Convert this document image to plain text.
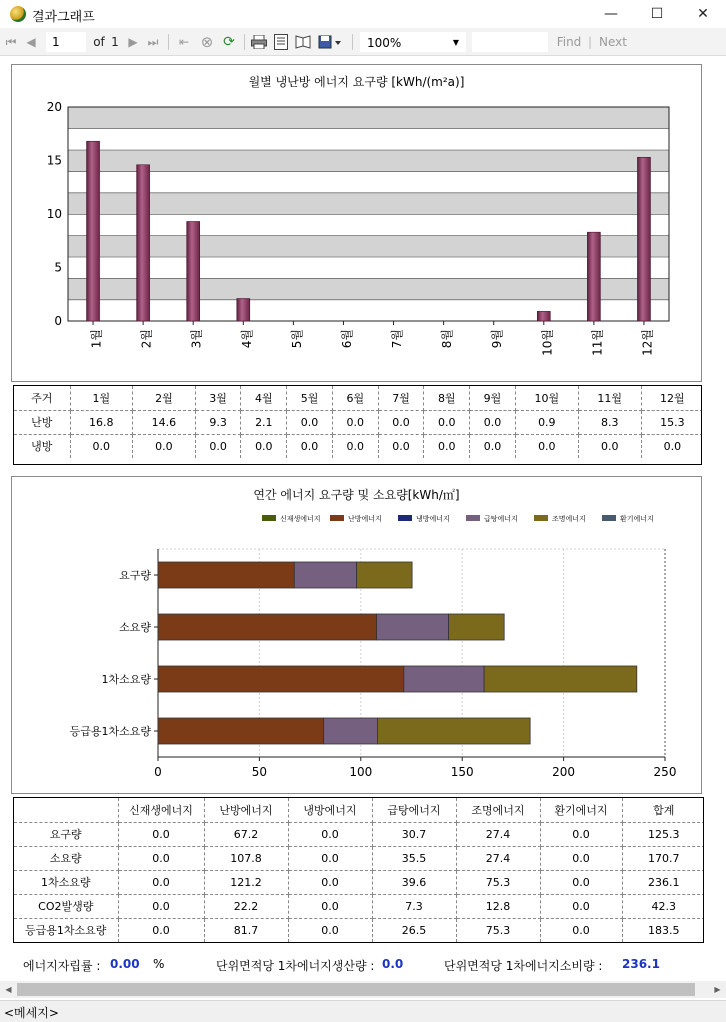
결과그래프	—	☐	✕
⏮ ◀
1	of 1 ▶ ⏭ ⇤ ⊗ ⟳	100%	▼	Find | Next
월별 냉난방 에너지 요구량 [kWh/(m²a)]
0
5
10
15
20
1월	2월	3월	4월	5월	6월	7월	8월	9월	10월	11월	12월
주거	1월	2월	3월	4월	5월	6월	7월	8월	9월	10월	11월	12월
난방	16.8	14.6	9.3	2.1	0.0	0.0	0.0	0.0	0.0	0.9	8.3	15.3
냉방	0.0	0.0	0.0	0.0	0.0	0.0	0.0	0.0	0.0	0.0	0.0	0.0
연간 에너지 요구량 및 소요량[kWh/㎡]
신재생에너지	난방에너지	냉방에너지	급탕에너지	조명에너지	환기에너지
0	50	100	150	200	250
요구량
소요량
1차소요량
등급용1차소요량
	신재생에너지	난방에너지	냉방에너지	급탕에너지	조명에너지	환기에너지	합계
요구량	0.0	67.2	0.0	30.7	27.4	0.0	125.3
소요량	0.0	107.8	0.0	35.5	27.4	0.0	170.7
1차소요량	0.0	121.2	0.0	39.6	75.3	0.0	236.1
CO2발생량	0.0	22.2	0.0	7.3	12.8	0.0	42.3
등급용1차소요량	0.0	81.7	0.0	26.5	75.3	0.0	183.5
에너지자립률 : 0.00 %	단위면적당 1차에너지생산량 : 0.0	단위면적당 1차에너지소비량 : 236.1
◀	▶
<메세지>
